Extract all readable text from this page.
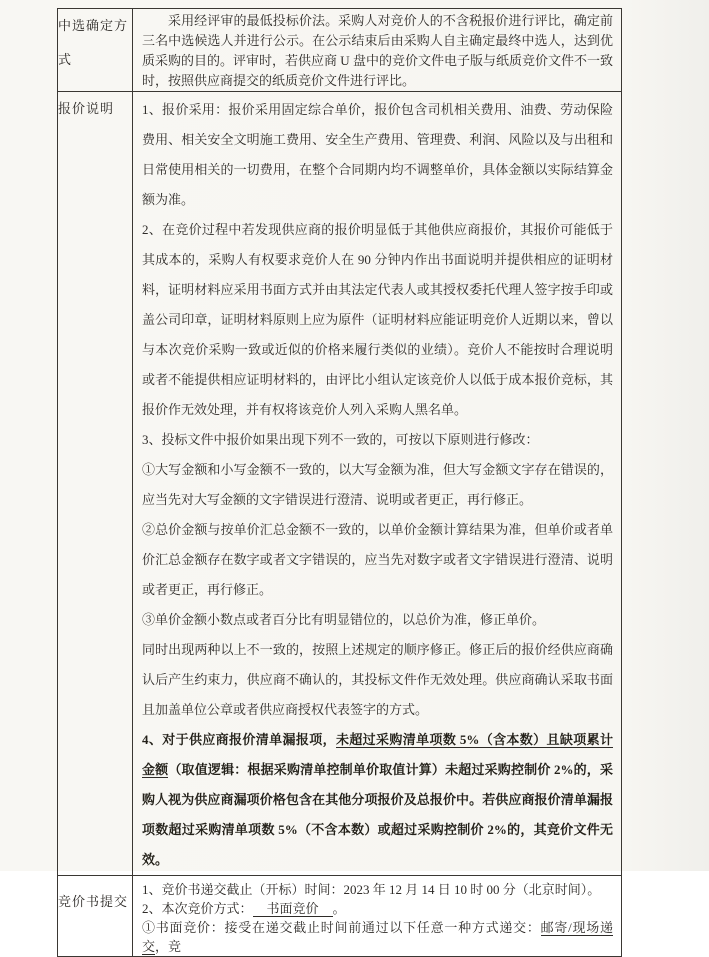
中选确定方式	采用经评审的最低投标价法。采购人对竞价人的不含税报价进行评比，确定前三名中选候选人并进行公示。在公示结束后由采购人自主确定最终中选人，达到优质采购的目的。评审时，若供应商 U 盘中的竞价文件电子版与纸质竞价文件不一致时，按照供应商提交的纸质竞价文件进行评比。

报价说明	1、报价采用：报价采用固定综合单价，报价包含司机相关费用、油费、劳动保险费用、相关安全文明施工费用、安全生产费用、管理费、利润、风险以及与出租和日常使用相关的一切费用，在整个合同期内均不调整单价，具体金额以实际结算金额为准。

2、在竞价过程中若发现供应商的报价明显低于其他供应商报价，其报价可能低于其成本的，采购人有权要求竞价人在 90 分钟内作出书面说明并提供相应的证明材料，证明材料应采用书面方式并由其法定代表人或其授权委托代理人签字按手印或盖公司印章，证明材料原则上应为原件（证明材料应能证明竞价人近期以来，曾以与本次竞价采购一致或近似的价格来履行类似的业绩）。竞价人不能按时合理说明或者不能提供相应证明材料的，由评比小组认定该竞价人以低于成本报价竞标，其报价作无效处理，并有权将该竞价人列入采购人黑名单。

3、投标文件中报价如果出现下列不一致的，可按以下原则进行修改：

①大写金额和小写金额不一致的，以大写金额为准，但大写金额文字存在错误的，应当先对大写金额的文字错误进行澄清、说明或者更正，再行修正。

②总价金额与按单价汇总金额不一致的，以单价金额计算结果为准，但单价或者单价汇总金额存在数字或者文字错误的，应当先对数字或者文字错误进行澄清、说明或者更正，再行修正。

③单价金额小数点或者百分比有明显错位的，以总价为准，修正单价。

同时出现两种以上不一致的，按照上述规定的顺序修正。修正后的报价经供应商确认后产生约束力，供应商不确认的，其投标文件作无效处理。供应商确认采取书面且加盖单位公章或者供应商授权代表签字的方式。

4、对于供应商报价清单漏报项，未超过采购清单项数 5%（含本数）且缺项累计金额（取值逻辑：根据采购清单控制单价取值计算）未超过采购控制价 2%的，采购人视为供应商漏项价格包含在其他分项报价及总报价中。若供应商报价清单漏报项数超过采购清单项数 5%（不含本数）或超过采购控制价 2%的，其竞价文件无效。

竞价书提交	1、竞价书递交截止（开标）时间：2023 年 12 月 14 日 10 时 00 分（北京时间）。

2、本次竞价方式： 书面竞价 。

①书面竞价：接受在递交截止时间前通过以下任意一种方式递交：邮寄/现场递交，竞
